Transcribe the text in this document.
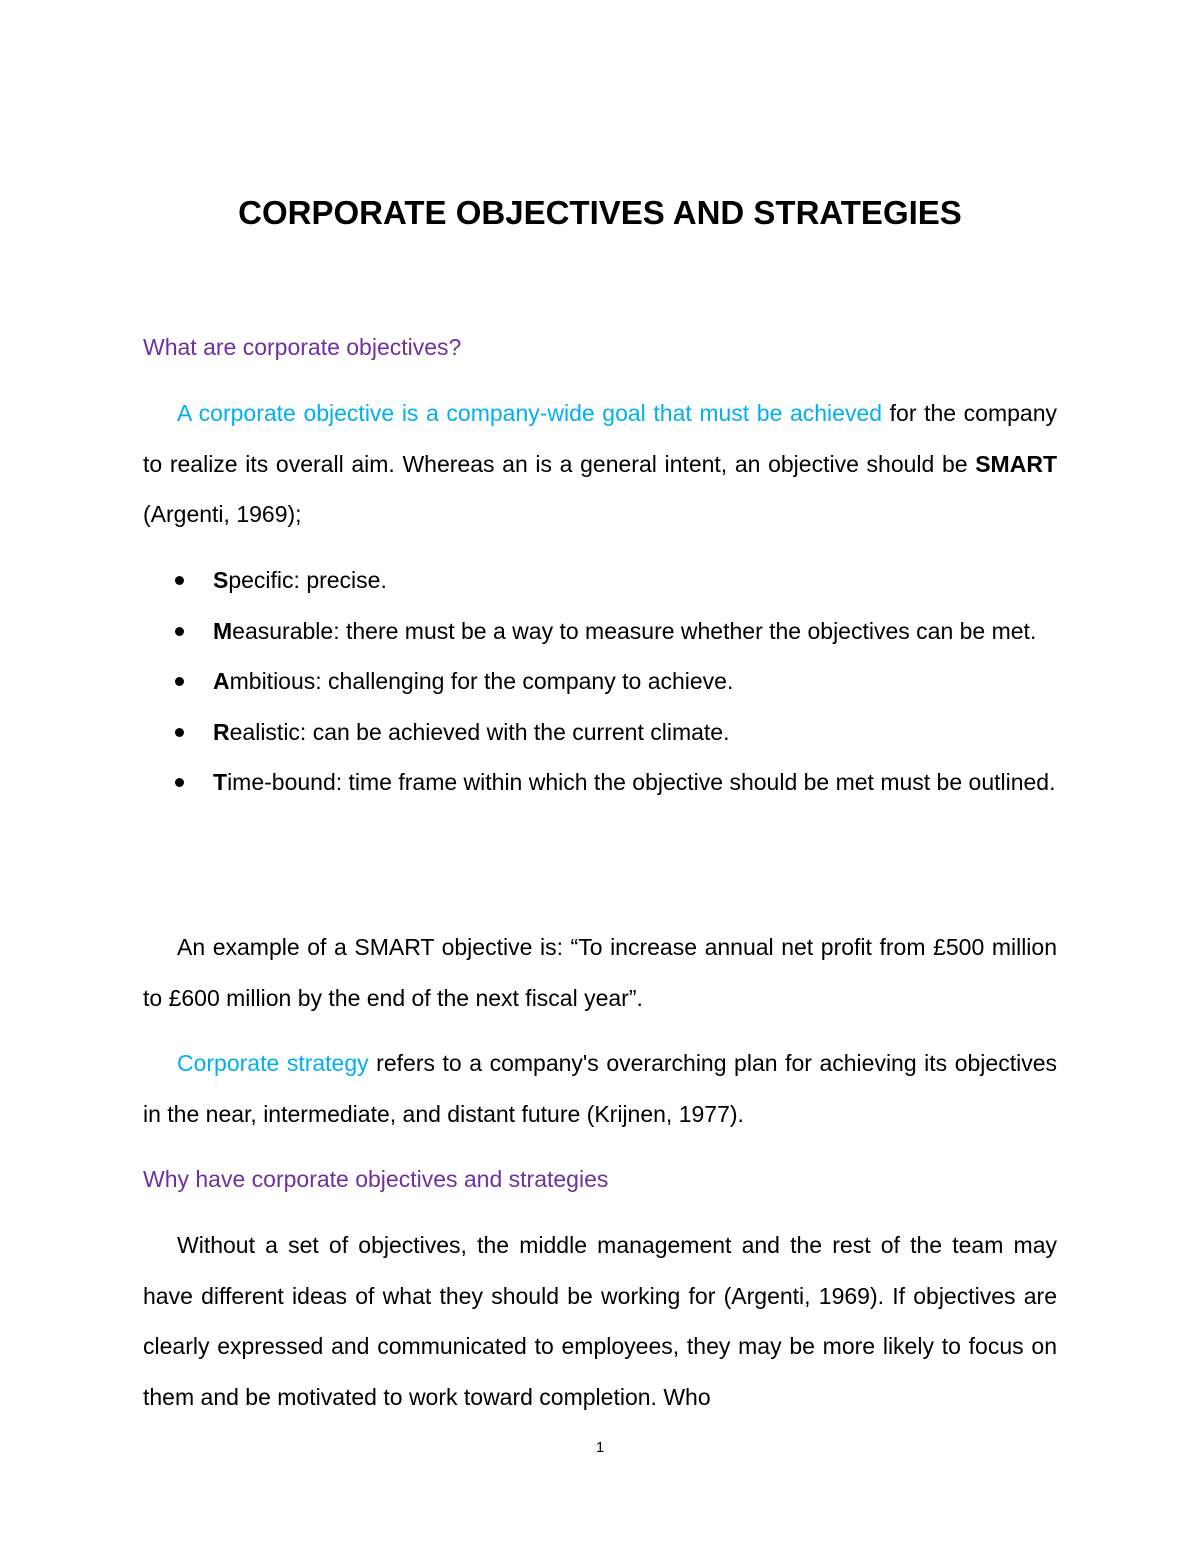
CORPORATE OBJECTIVES AND STRATEGIES
What are corporate objectives?

A corporate objective is a company-wide goal that must be achieved for the company to realize its overall aim. Whereas an is a general intent, an objective should be SMART (Argenti, 1969);

Specific: precise.
Measurable: there must be a way to measure whether the objectives can be met.
Ambitious: challenging for the company to achieve.
Realistic: can be achieved with the current climate.
Time-bound: time frame within which the objective should be met must be outlined.

An example of a SMART objective is: “To increase annual net profit from £500 million to £600 million by the end of the next fiscal year”.

Corporate strategy refers to a company's overarching plan for achieving its objectives in the near, intermediate, and distant future (Krijnen, 1977).

Why have corporate objectives and strategies

Without a set of objectives, the middle management and the rest of the team may have different ideas of what they should be working for (Argenti, 1969). If objectives are clearly expressed and communicated to employees, they may be more likely to focus on them and be motivated to work toward completion. Who

1
